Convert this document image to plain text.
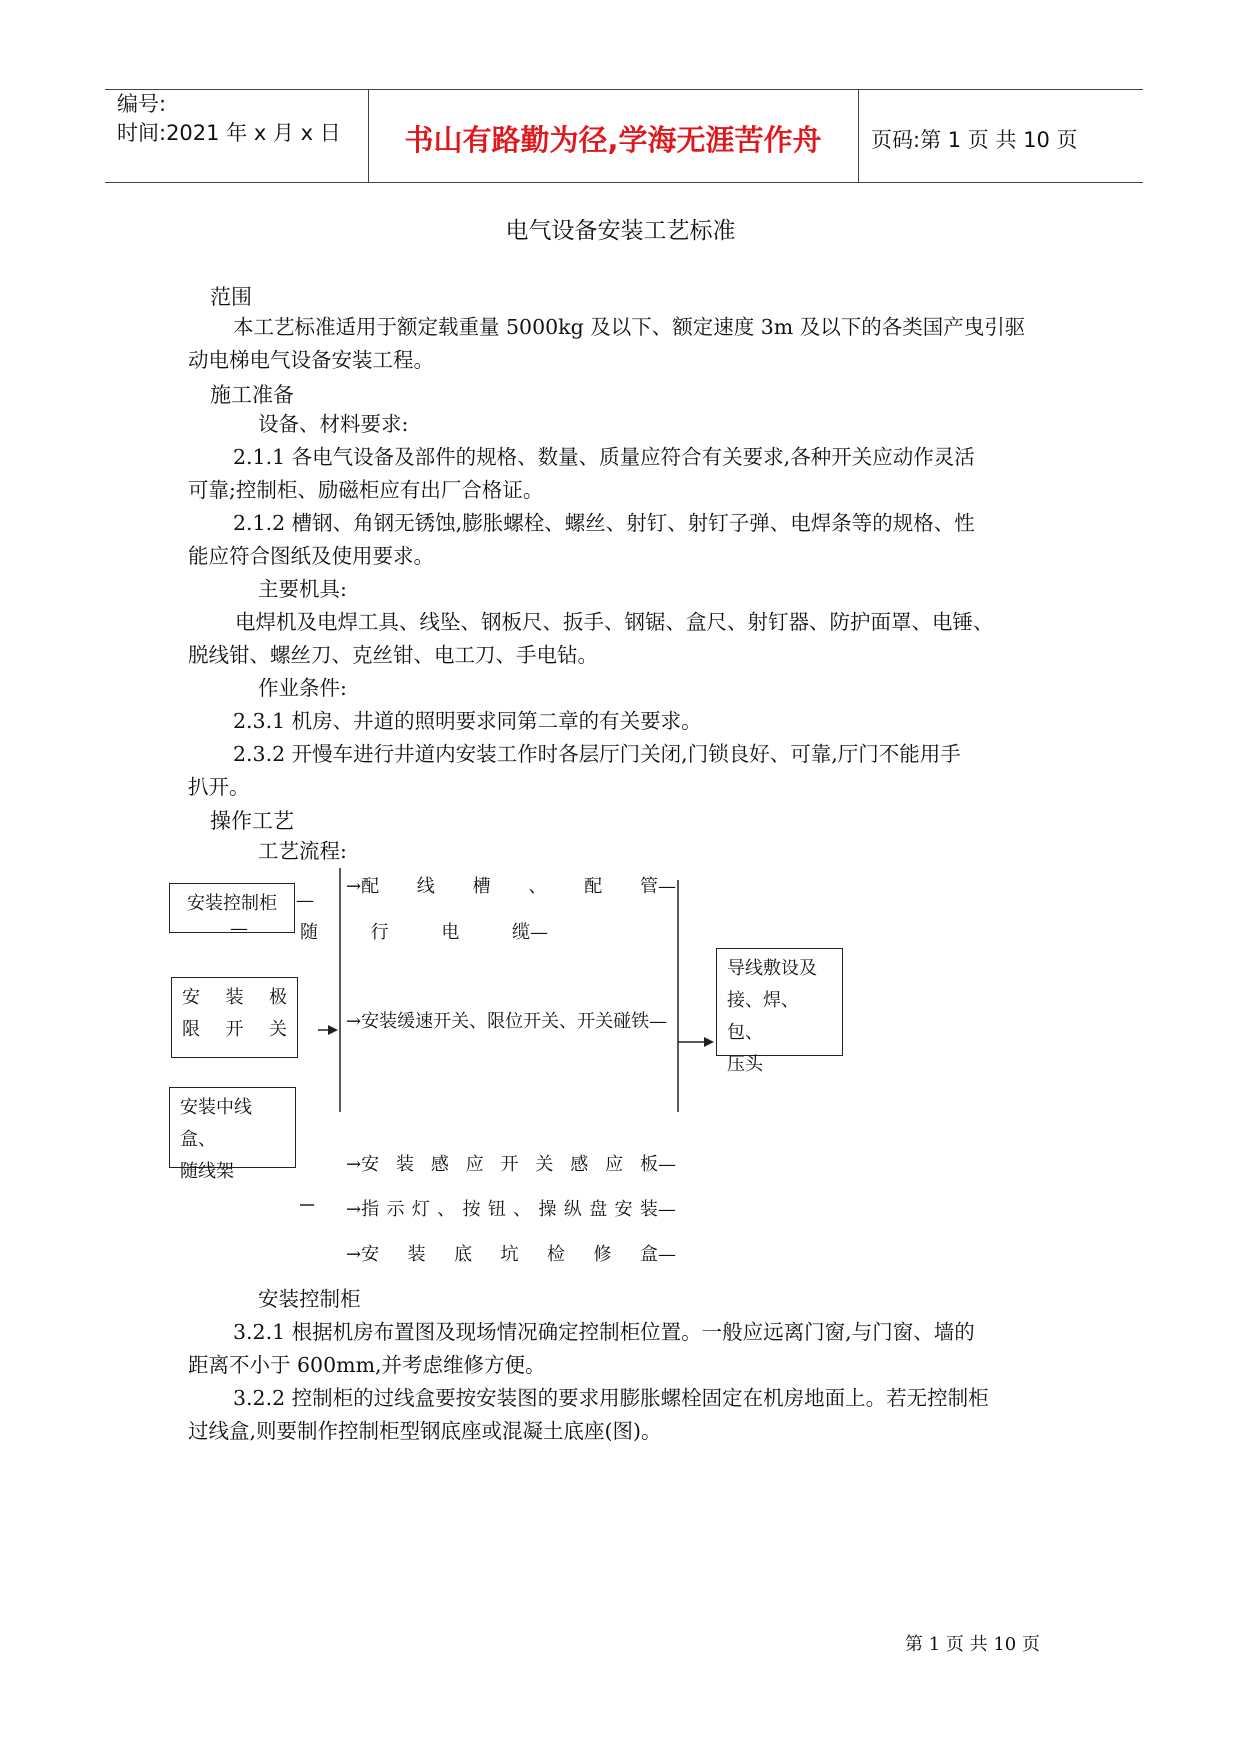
编号:
时间:2021 年 x 月 x 日	书山有路勤为径,学海无涯苦作舟	页码:第 1 页 共 10 页
电气设备安装工艺标准
范围
本工艺标准适用于额定载重量 5000kg 及以下、额定速度 3m 及以下的各类国产曳引驱
动电梯电气设备安装工程。
施工准备
设备、材料要求:
2.1.1 各电气设备及部件的规格、数量、质量应符合有关要求,各种开关应动作灵活
可靠;控制柜、励磁柜应有出厂合格证。
2.1.2 槽钢、角钢无锈蚀,膨胀螺栓、螺丝、射钉、射钉子弹、电焊条等的规格、性
能应符合图纸及使用要求。
主要机具:
电焊机及电焊工具、线坠、钢板尺、扳手、钢锯、盒尺、射钉器、防护面罩、电锤、
脱线钳、螺丝刀、克丝钳、电工刀、手电钻。
作业条件:
2.3.1 机房、井道的照明要求同第二章的有关要求。
2.3.2 开慢车进行井道内安装工作时各层厅门关闭,门锁良好、可靠,厅门不能用手
扒开。
操作工艺
工艺流程:
安装控制柜	—
安 装 极
限 开 关
安装中线盒、
随线架
导线敷设及
接、焊、包、
压头
→配 线 槽 、 配 管—
—	随	行	电	缆—
→安装缓速开关、限位开关、开关碰铁—
→安 装 感 应 开 关 感 应 板—
→指 示 灯 、 按 钮 、 操 纵 盘 安 装—
→安 装 底 坑 检 修 盒—
安装控制柜
3.2.1 根据机房布置图及现场情况确定控制柜位置。一般应远离门窗,与门窗、墙的
距离不小于 600mm,并考虑维修方便。
3.2.2 控制柜的过线盒要按安装图的要求用膨胀螺栓固定在机房地面上。若无控制柜
过线盒,则要制作控制柜型钢底座或混凝土底座(图)。
第 1 页 共 10 页
